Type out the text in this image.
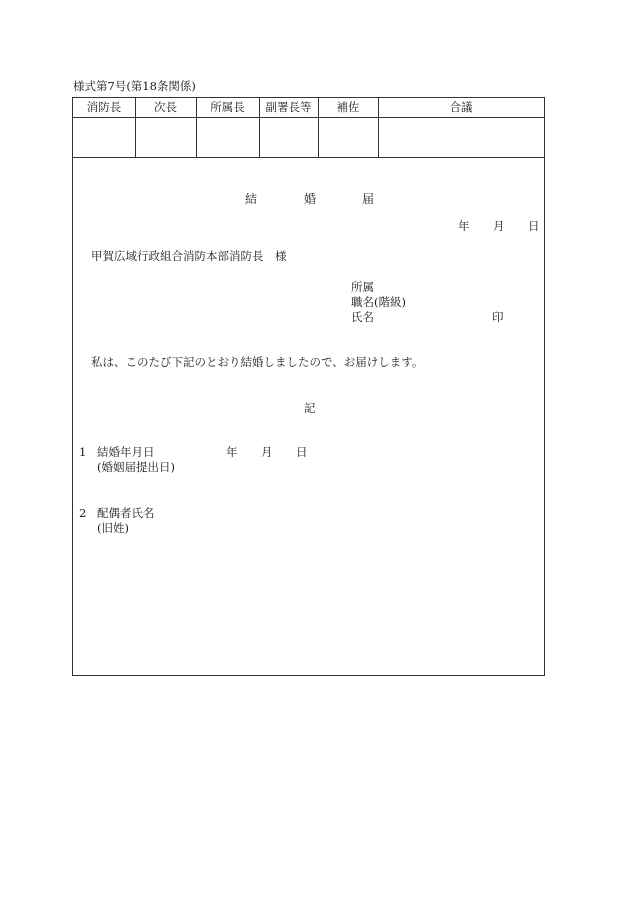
様式第7号(第18条関係)
消防長	次長	所属長	副署長等	補佐	合議
結	婚	届
年 月 日
甲賀広域行政組合消防本部消防長　様
所属
職名(階級)
氏名	印
私は、このたび下記のとおり結婚しましたので、お届けします。
記
1 結婚年月日
(婚姻届提出日)
年 月 日
2 配偶者氏名
(旧姓)
